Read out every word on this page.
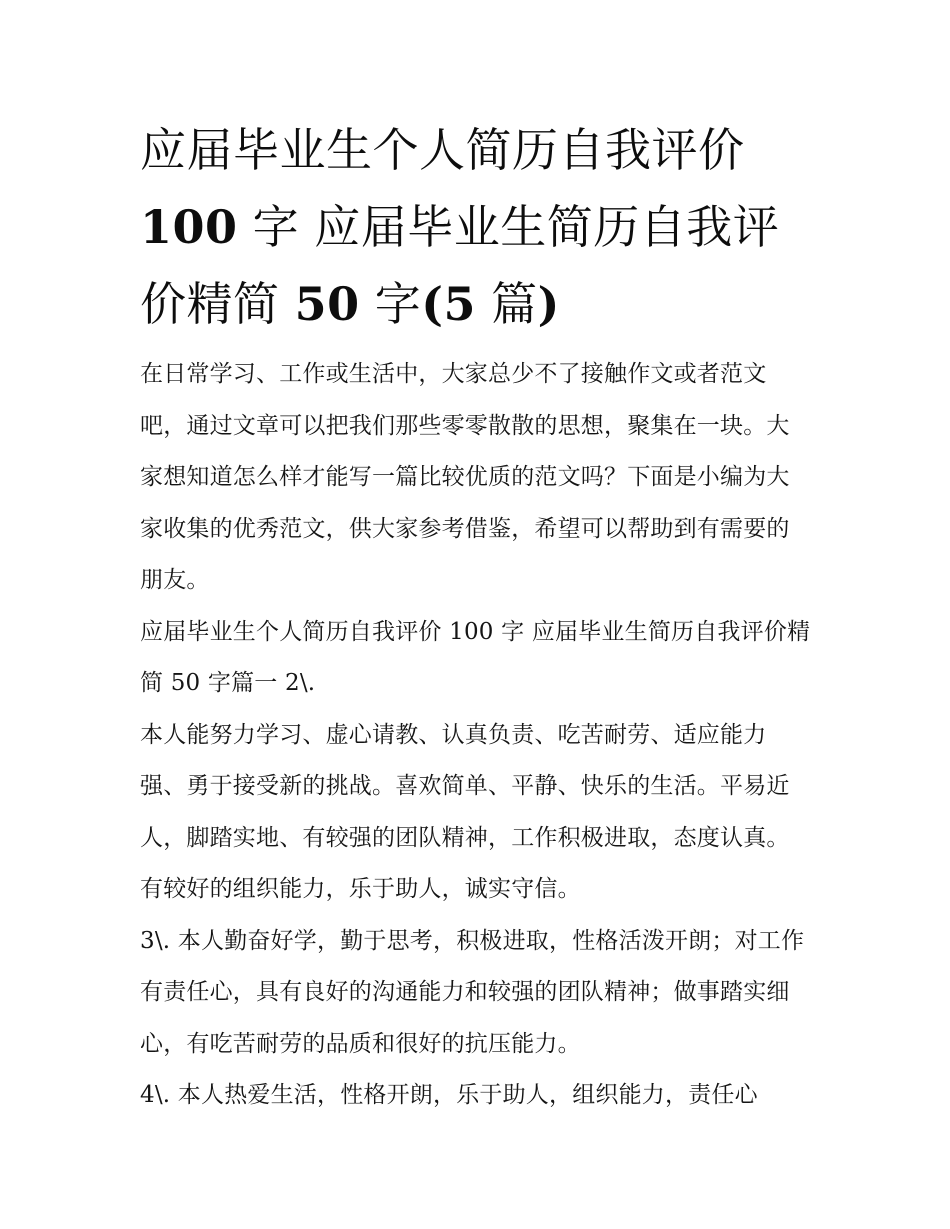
应届毕业生个人简历自我评价100 字 应届毕业生简历自我评价精简 50 字(5 篇)

在日常学习、工作或生活中，大家总少不了接触作文或者范文吧，通过文章可以把我们那些零零散散的思想，聚集在一块。大家想知道怎么样才能写一篇比较优质的范文吗？下面是小编为大家收集的优秀范文，供大家参考借鉴，希望可以帮助到有需要的朋友。

应届毕业生个人简历自我评价 100 字 应届毕业生简历自我评价精简 50 字篇一 2\.

本人能努力学习、虚心请教、认真负责、吃苦耐劳、适应能力强、勇于接受新的挑战。喜欢简单、平静、快乐的生活。平易近人，脚踏实地、有较强的团队精神，工作积极进取，态度认真。有较好的组织能力，乐于助人，诚实守信。

3\. 本人勤奋好学，勤于思考，积极进取，性格活泼开朗；对工作有责任心，具有良好的沟通能力和较强的团队精神；做事踏实细心，有吃苦耐劳的品质和很好的抗压能力。

4\. 本人热爱生活，性格开朗，乐于助人，组织能力，责任心
